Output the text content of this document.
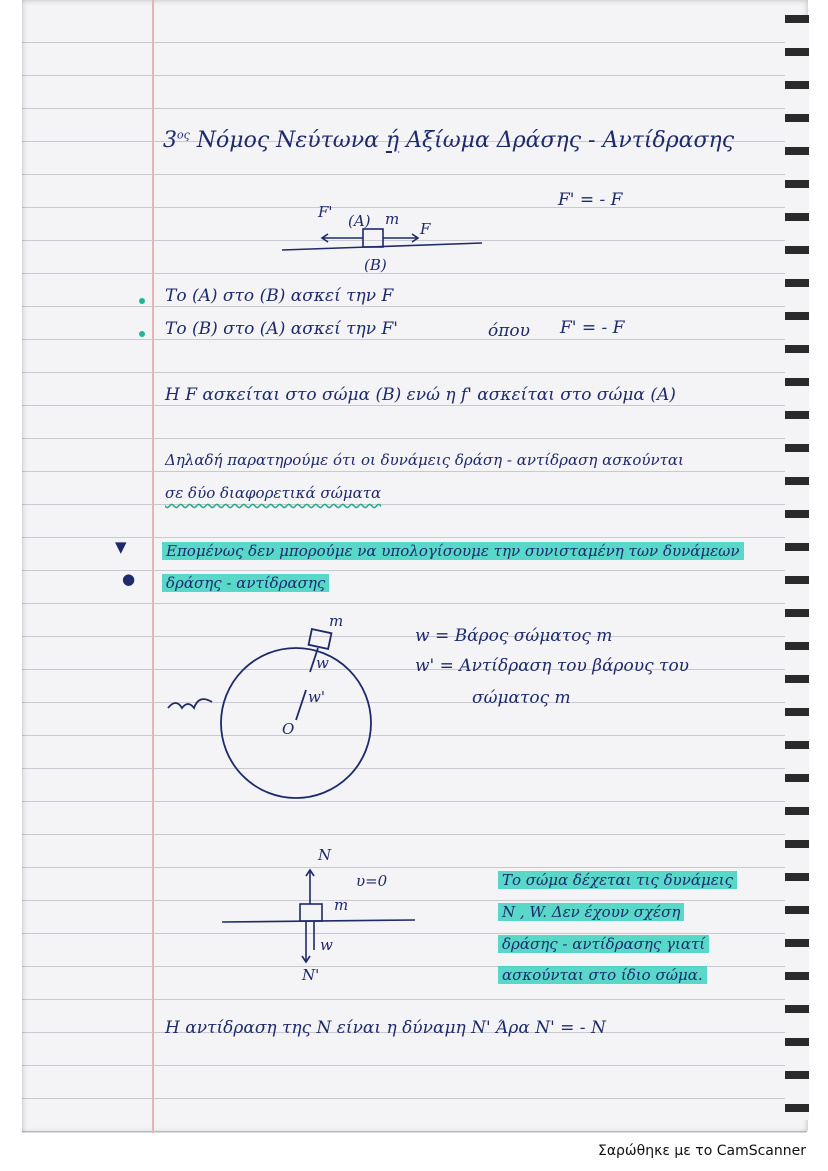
$3^{o\varsigma}$ Νόμος Νεύτωνα ή Αξίωμα Δράσης - Αντίδρασης
F' = - F
F' (A) m
F
(B)
Το (A) στο (B) ασκεί την F
Το (B) στο (A) ασκεί την F'	όπου F' = - F
Η F ασκείται στο σώμα (B) ενώ η f' ασκείται στο σώμα (A)
Δηλαδή παρατηρούμε ότι οι δυνάμεις δράση - αντίδραση ασκούνται
σε δύο διαφορετικά σώματα
▼
●
Επομένως δεν μπορούμε να υπολογίσουμε την συνισταμένη των δυνάμεων
δράσης - αντίδρασης
m
w
w'
O
w = Βάρος σώματος m
w' = Αντίδραση του βάρους του
σώματος m
N
υ=0
m
w
N'
Το σώμα δέχεται τις δυνάμεις
N , W. Δεν έχουν σχέση
δράσης - αντίδρασης γιατί
ασκούνται στο ίδιο σώμα.
Η αντίδραση της N είναι η δύναμη N' Άρα N' = - N
Σαρώθηκε με το CamScanner
